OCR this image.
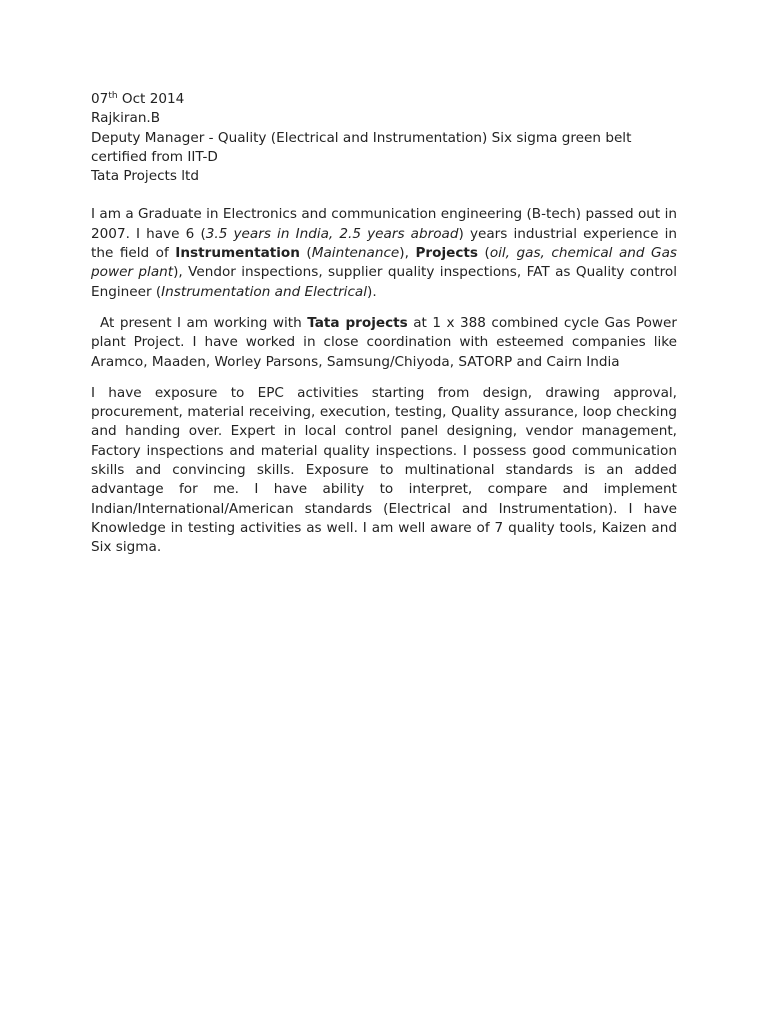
07th Oct 2014
Rajkiran.B
Deputy Manager - Quality (Electrical and Instrumentation) Six sigma green belt
certified from IIT-D
Tata Projects ltd
I am a Graduate in Electronics and communication engineering (B-tech) passed out in 2007. I have 6 (3.5 years in India, 2.5 years abroad) years industrial experience in the field of Instrumentation (Maintenance), Projects (oil, gas, chemical and Gas power plant), Vendor inspections, supplier quality inspections, FAT as Quality control Engineer (Instrumentation and Electrical).
At present I am working with Tata projects at 1 x 388 combined cycle Gas Power plant Project. I have worked in close coordination with esteemed companies like Aramco, Maaden, Worley Parsons, Samsung/Chiyoda, SATORP and Cairn India
I have exposure to EPC activities starting from design, drawing approval, procurement, material receiving, execution, testing, Quality assurance, loop checking and handing over. Expert in local control panel designing, vendor management, Factory inspections and material quality inspections. I possess good communication skills and convincing skills. Exposure to multinational standards is an added advantage for me. I have ability to interpret, compare and implement Indian/International/American standards (Electrical and Instrumentation). I have Knowledge in testing activities as well. I am well aware of 7 quality tools, Kaizen and Six sigma.
